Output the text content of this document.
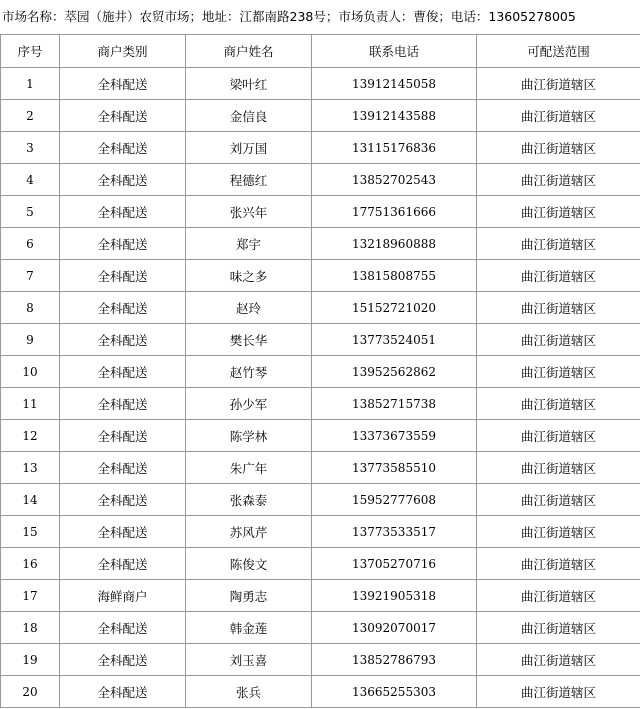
市场名称：萃园（施井）农贸市场；地址：江都南路238号；市场负责人：曹俊；电话：13605278005
序号	商户类别	商户姓名	联系电话	可配送范围
1	全科配送	梁叶红	13912145058	曲江街道辖区
2	全科配送	金信良	13912143588	曲江街道辖区
3	全科配送	刘万国	13115176836	曲江街道辖区
4	全科配送	程德红	13852702543	曲江街道辖区
5	全科配送	张兴年	17751361666	曲江街道辖区
6	全科配送	郑宇	13218960888	曲江街道辖区
7	全科配送	味之多	13815808755	曲江街道辖区
8	全科配送	赵玲	15152721020	曲江街道辖区
9	全科配送	樊长华	13773524051	曲江街道辖区
10	全科配送	赵竹琴	13952562862	曲江街道辖区
11	全科配送	孙少军	13852715738	曲江街道辖区
12	全科配送	陈学林	13373673559	曲江街道辖区
13	全科配送	朱广年	13773585510	曲江街道辖区
14	全科配送	张森泰	15952777608	曲江街道辖区
15	全科配送	苏风芹	13773533517	曲江街道辖区
16	全科配送	陈俊文	13705270716	曲江街道辖区
17	海鲜商户	陶勇志	13921905318	曲江街道辖区
18	全科配送	韩金莲	13092070017	曲江街道辖区
19	全科配送	刘玉喜	13852786793	曲江街道辖区
20	全科配送	张兵	13665255303	曲江街道辖区
